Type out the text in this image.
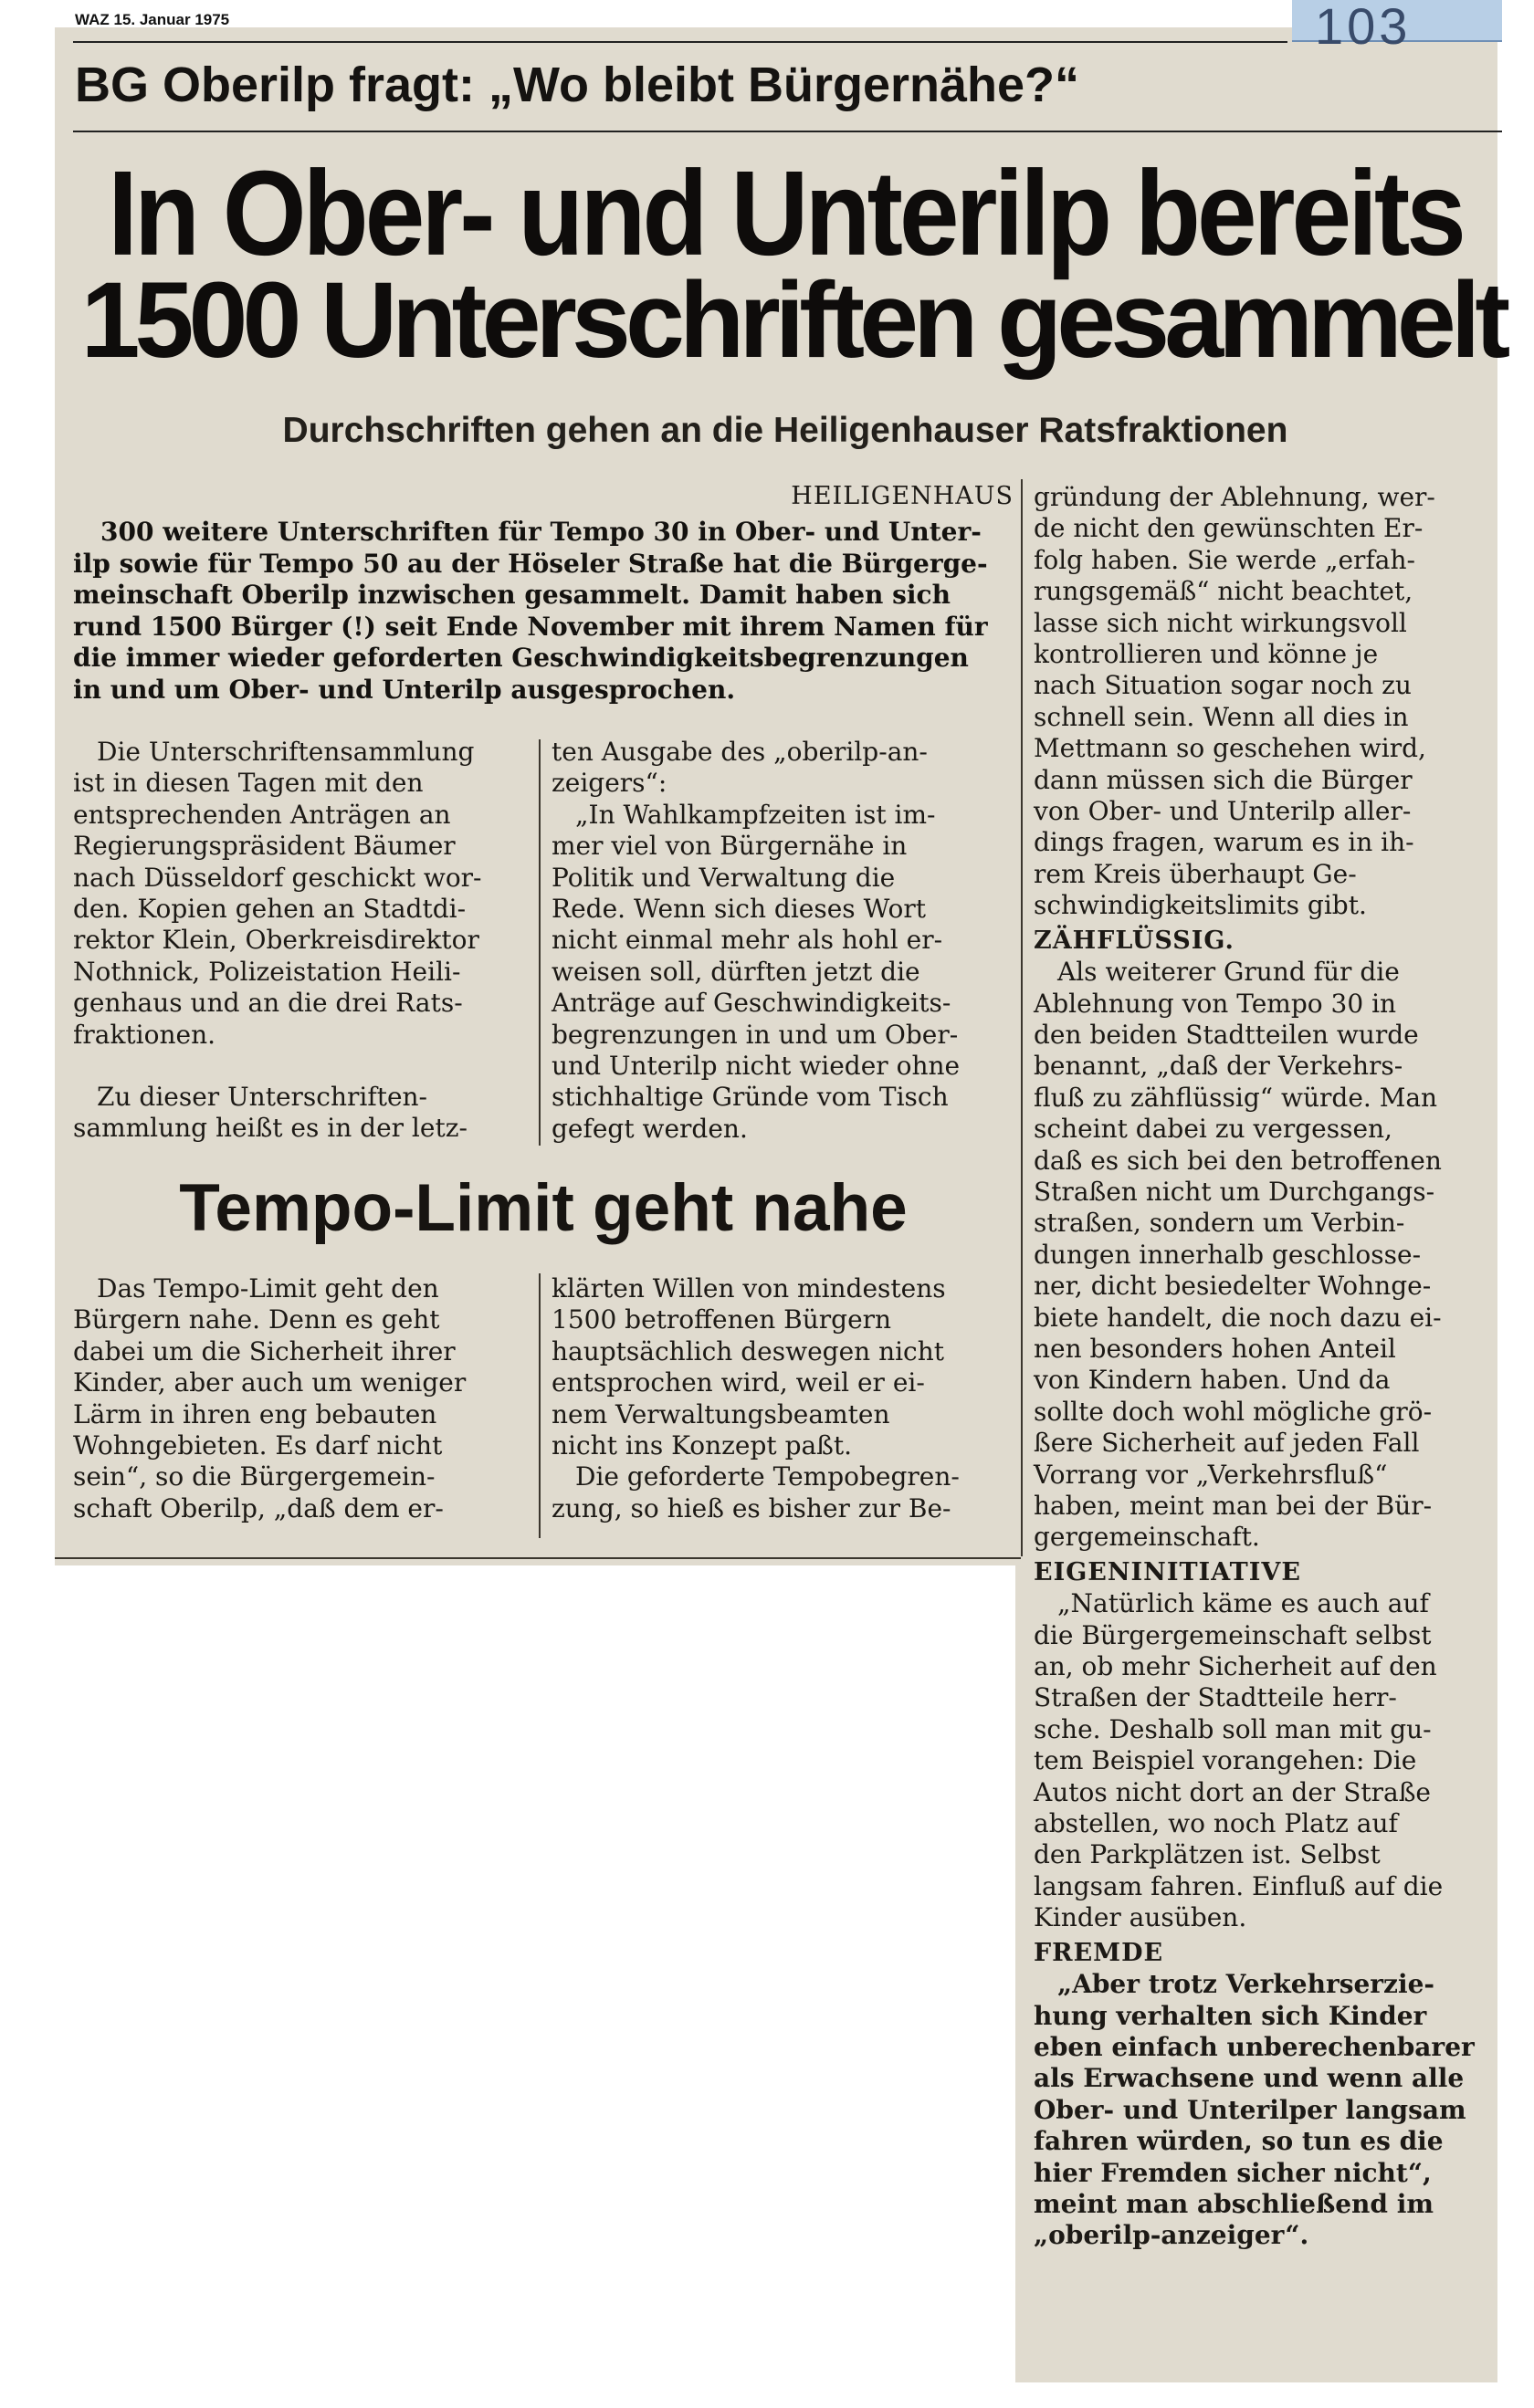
103
WAZ 15. Januar 1975
BG Oberilp fragt: „Wo bleibt Bürgernähe?“
In Ober- und Unterilp bereits
1500 Unterschriften gesammelt
Durchschriften gehen an die Heiligenhauser Ratsfraktionen
HEILIGENHAUS
300 weitere Unterschriften für Tempo 30 in Ober- und Unter-
ilp sowie für Tempo 50 au der Höseler Straße hat die Bürgerge-
meinschaft Oberilp inzwischen gesammelt. Damit haben sich
rund 1500 Bürger (!) seit Ende November mit ihrem Namen für
die immer wieder geforderten Geschwindigkeitsbegrenzungen
in und um Ober- und Unterilp ausgesprochen.
Die Unterschriftensammlung
ist in diesen Tagen mit den
entsprechenden Anträgen an
Regierungspräsident Bäumer
nach Düsseldorf geschickt wor-
den. Kopien gehen an Stadtdi-
rektor Klein, Oberkreisdirektor
Nothnick, Polizeistation Heili-
genhaus und an die drei Rats-
fraktionen.
Zu dieser Unterschriften-
sammlung heißt es in der letz-
ten Ausgabe des „oberilp-an-
zeigers“:
„In Wahlkampfzeiten ist im-
mer viel von Bürgernähe in
Politik und Verwaltung die
Rede. Wenn sich dieses Wort
nicht einmal mehr als hohl er-
weisen soll, dürften jetzt die
Anträge auf Geschwindigkeits-
begrenzungen in und um Ober-
und Unterilp nicht wieder ohne
stichhaltige Gründe vom Tisch
gefegt werden.
Tempo-Limit geht nahe
Das Tempo-Limit geht den
Bürgern nahe. Denn es geht
dabei um die Sicherheit ihrer
Kinder, aber auch um weniger
Lärm in ihren eng bebauten
Wohngebieten. Es darf nicht
sein“, so die Bürgergemein-
schaft Oberilp, „daß dem er-
klärten Willen von mindestens
1500 betroffenen Bürgern
hauptsächlich deswegen nicht
entsprochen wird, weil er ei-
nem Verwaltungsbeamten
nicht ins Konzept paßt.
Die geforderte Tempobegren-
zung, so hieß es bisher zur Be-
gründung der Ablehnung, wer-
de nicht den gewünschten Er-
folg haben. Sie werde „erfah-
rungsgemäß“ nicht beachtet,
lasse sich nicht wirkungsvoll
kontrollieren und könne je
nach Situation sogar noch zu
schnell sein. Wenn all dies in
Mettmann so geschehen wird,
dann müssen sich die Bürger
von Ober- und Unterilp aller-
dings fragen, warum es in ih-
rem Kreis überhaupt Ge-
schwindigkeitslimits gibt.
ZÄHFLÜSSIG.
Als weiterer Grund für die
Ablehnung von Tempo 30 in
den beiden Stadtteilen wurde
benannt, „daß der Verkehrs-
fluß zu zähflüssig“ würde. Man
scheint dabei zu vergessen,
daß es sich bei den betroffenen
Straßen nicht um Durchgangs-
straßen, sondern um Verbin-
dungen innerhalb geschlosse-
ner, dicht besiedelter Wohnge-
biete handelt, die noch dazu ei-
nen besonders hohen Anteil
von Kindern haben. Und da
sollte doch wohl mögliche grö-
ßere Sicherheit auf jeden Fall
Vorrang vor „Verkehrsfluß“
haben, meint man bei der Bür-
gergemeinschaft.
EIGENINITIATIVE
„Natürlich käme es auch auf
die Bürgergemeinschaft selbst
an, ob mehr Sicherheit auf den
Straßen der Stadtteile herr-
sche. Deshalb soll man mit gu-
tem Beispiel vorangehen: Die
Autos nicht dort an der Straße
abstellen, wo noch Platz auf
den Parkplätzen ist. Selbst
langsam fahren. Einfluß auf die
Kinder ausüben.
FREMDE
„Aber trotz Verkehrserzie-
hung verhalten sich Kinder
eben einfach unberechenbarer
als Erwachsene und wenn alle
Ober- und Unterilper langsam
fahren würden, so tun es die
hier Fremden sicher nicht“,
meint man abschließend im
„oberilp-anzeiger“.
